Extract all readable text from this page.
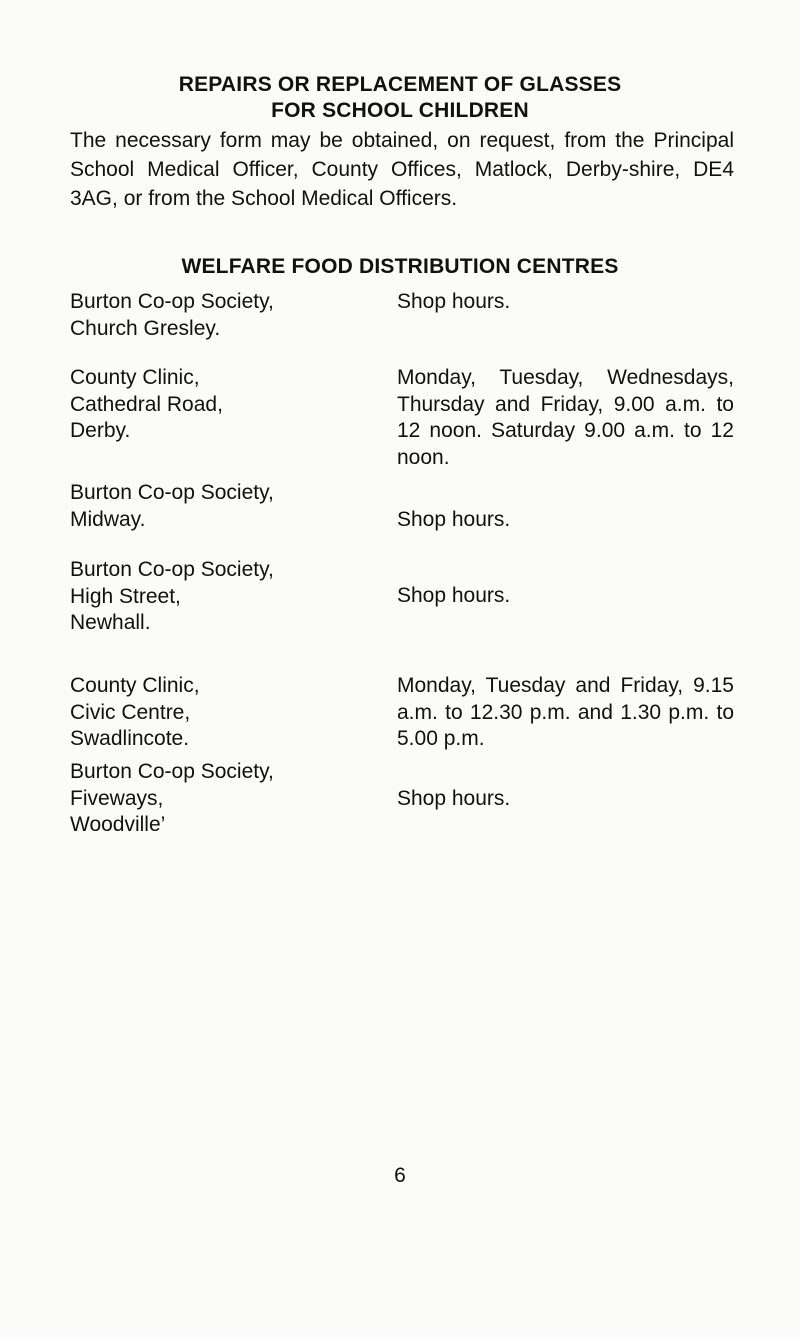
REPAIRS OR REPLACEMENT OF GLASSES
FOR SCHOOL CHILDREN

The necessary form may be obtained, on request, from the Principal School Medical Officer, County Offices, Matlock, Derby-shire, DE4 3AG, or from the School Medical Officers.

WELFARE FOOD DISTRIBUTION CENTRES
Burton Co-op Society,
Church Gresley.
Shop hours.
County Clinic,
Cathedral Road,
Derby.
Monday, Tuesday, Wednesdays, Thursday and Friday, 9.00 a.m. to 12 noon. Saturday 9.00 a.m. to 12 noon.
Burton Co-op Society,
Midway.	Shop hours.
Burton Co-op Society,
High Street,
Newhall.
Shop hours.
County Clinic,
Civic Centre,
Swadlincote.
Monday, Tuesday and Friday, 9.15 a.m. to 12.30 p.m. and 1.30 p.m. to 5.00 p.m.
Burton Co-op Society,
Fiveways,
Woodville’
Shop hours.
6
